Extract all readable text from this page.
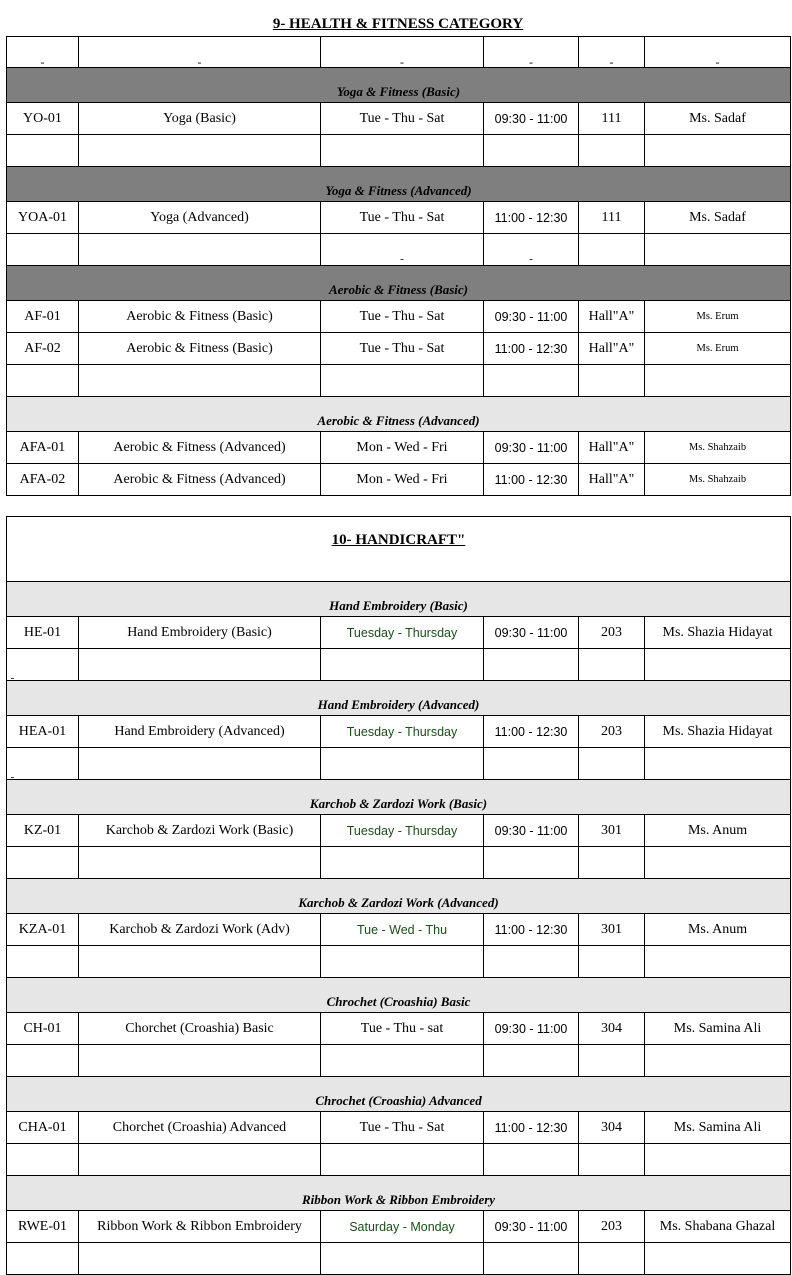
9- HEALTH & FITNESS CATEGORY
-	-	-	-	-	-
Yoga & Fitness (Basic)					
YO-01	Yoga (Basic)	Tue - Thu - Sat	09:30 - 11:00	111	Ms. Sadaf

Yoga & Fitness (Advanced)					
YOA-01	Yoga (Advanced)	Tue - Thu - Sat	11:00 - 12:30	111	Ms. Sadaf
		-	-		
Aerobic & Fitness (Basic)					
AF-01	Aerobic & Fitness (Basic)	Tue - Thu - Sat	09:30 - 11:00	Hall"A"	Ms. Erum
AF-02	Aerobic & Fitness (Basic)	Tue - Thu - Sat	11:00 - 12:30	Hall"A"	Ms. Erum

Aerobic & Fitness (Advanced)					
AFA-01	Aerobic & Fitness (Advanced)	Mon - Wed - Fri	09:30 - 11:00	Hall"A"	Ms. Shahzaib
AFA-02	Aerobic & Fitness (Advanced)	Mon - Wed - Fri	11:00 - 12:30	Hall"A"	Ms. Shahzaib
10- HANDICRAFT"					

Hand Embroidery (Basic)					
HE-01	Hand Embroidery (Basic)	Tuesday - Thursday	09:30 - 11:00	203	Ms. Shazia Hidayat
$_-$					
Hand Embroidery (Advanced)					
HEA-01	Hand Embroidery (Advanced)	Tuesday - Thursday	11:00 - 12:30	203	Ms. Shazia Hidayat
$_-$					
Karchob & Zardozi Work (Basic)					
KZ-01	Karchob & Zardozi Work (Basic)	Tuesday - Thursday	09:30 - 11:00	301	Ms. Anum

Karchob & Zardozi Work (Advanced)					
KZA-01	Karchob & Zardozi Work (Adv)	Tue - Wed - Thu	11:00 - 12:30	301	Ms. Anum

Chrochet (Croashia) Basic					
CH-01	Chorchet (Croashia) Basic	Tue - Thu - sat	09:30 - 11:00	304	Ms. Samina Ali

Chrochet (Croashia) Advanced					
CHA-01	Chorchet (Croashia) Advanced	Tue - Thu - Sat	11:00 - 12:30	304	Ms. Samina Ali

Ribbon Work & Ribbon Embroidery					
RWE-01	Ribbon Work & Ribbon Embroidery	Saturday - Monday	09:30 - 11:00	203	Ms. Shabana Ghazal
